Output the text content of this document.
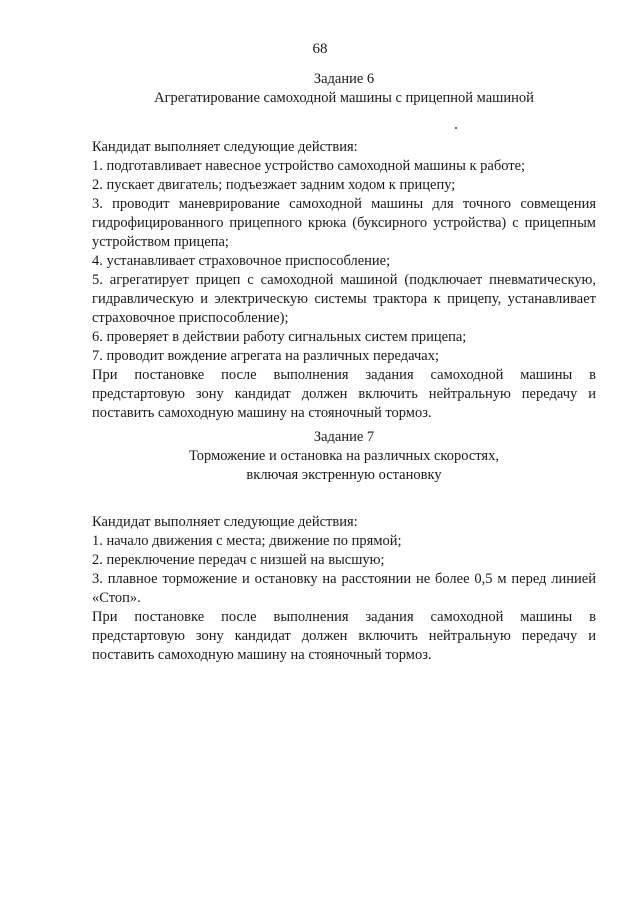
68
Задание 6
Агрегатирование самоходной машины с прицепной машиной

Кандидат выполняет следующие действия:

1. подготавливает навесное устройство самоходной машины к работе;

2. пускает двигатель; подъезжает задним ходом к прицепу;

3. проводит маневрирование самоходной машины для точного совмещения гидрофицированного прицепного крюка (буксирного устройства) с прицепным устройством прицепа;

4. устанавливает страховочное приспособление;

5. агрегатирует прицеп с самоходной машиной (подключает пневматическую, гидравлическую и электрическую системы трактора к прицепу, устанавливает страховочное приспособление);

6. проверяет в действии работу сигнальных систем прицепа;

7. проводит вождение агрегата на различных передачах;

При постановке после выполнения задания самоходной машины в предстартовую зону кандидат должен включить нейтральную передачу и поставить самоходную машину на стояночный тормоз.

Задание 7
Торможение и остановка на различных скоростях,
включая экстренную остановку

Кандидат выполняет следующие действия:

1. начало движения с места; движение по прямой;

2. переключение передач с низшей на высшую;

3. плавное торможение и остановку на расстоянии не более 0,5 м перед линией «Стоп».

При постановке после выполнения задания самоходной машины в предстартовую зону кандидат должен включить нейтральную передачу и поставить самоходную машину на стояночный тормоз.
